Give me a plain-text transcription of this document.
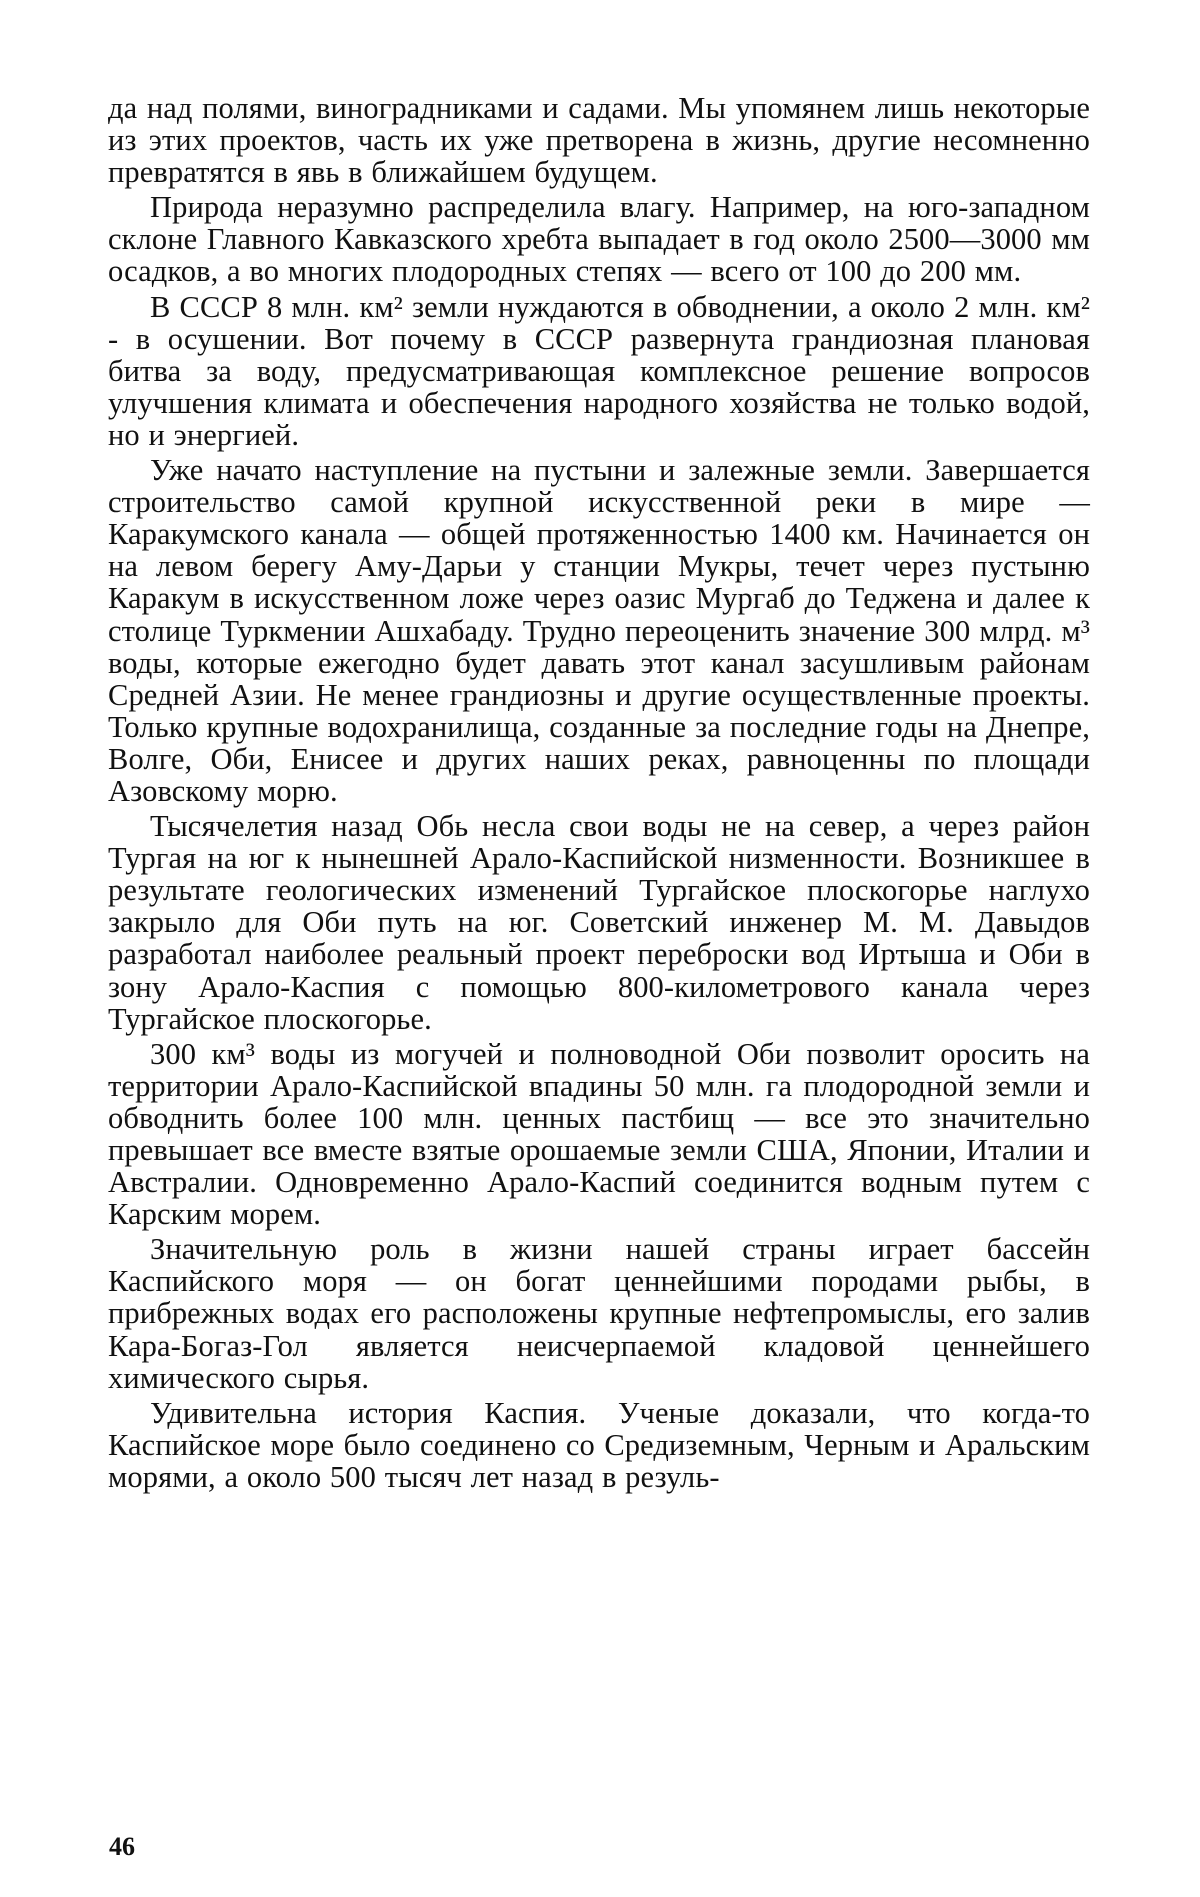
да над полями, виноградниками и садами. Мы упомянем лишь некоторые из этих проектов, часть их уже претворена в жизнь, другие несомненно превратятся в явь в ближайшем будущем.

Природа неразумно распределила влагу. Например, на юго-западном склоне Главного Кавказского хребта выпадает в год около 2500—3000 мм осадков, а во многих плодородных степях — всего от 100 до 200 мм.

В СССР 8 млн. км² земли нуждаются в обводнении, а около 2 млн. км² - в осушении. Вот почему в СССР развернута грандиозная плановая битва за воду, предусматривающая комплексное решение вопросов улучшения климата и обеспечения народного хозяйства не только водой, но и энергией.

Уже начато наступление на пустыни и залежные земли. Завершается строительство самой крупной искусственной реки в мире — Каракумского канала — общей протяженностью 1400 км. Начинается он на левом берегу Аму-Дарьи у станции Мукры, течет через пустыню Каракум в искусственном ложе через оазис Мургаб до Теджена и далее к столице Туркмении Ашхабаду. Трудно переоценить значение 300 млрд. м³ воды, которые ежегодно будет давать этот канал засушливым районам Средней Азии. Не менее грандиозны и другие осуществленные проекты. Только крупные водохранилища, созданные за последние годы на Днепре, Волге, Оби, Енисее и других наших реках, равноценны по площади Азовскому морю.

Тысячелетия назад Обь несла свои воды не на север, а через район Тургая на юг к нынешней Арало-Каспийской низменности. Возникшее в результате геологических изменений Тургайское плоскогорье наглухо закрыло для Оби путь на юг. Советский инженер М. М. Давыдов разработал наиболее реальный проект переброски вод Иртыша и Оби в зону Арало-Каспия с помощью 800-километрового канала через Тургайское плоскогорье.

300 км³ воды из могучей и полноводной Оби позволит оросить на территории Арало-Каспийской впадины 50 млн. га плодородной земли и обводнить более 100 млн. ценных пастбищ — все это значительно превышает все вместе взятые орошаемые земли США, Японии, Италии и Австралии. Одновременно Арало-Каспий соединится водным путем с Карским морем.

Значительную роль в жизни нашей страны играет бассейн Каспийского моря — он богат ценнейшими породами рыбы, в прибрежных водах его расположены крупные нефтепромыслы, его залив Кара-Богаз-Гол является неисчерпаемой кладовой ценнейшего химического сырья.

Удивительна история Каспия. Ученые доказали, что когда-то Каспийское море было соединено со Средиземным, Черным и Аральским морями, а около 500 тысяч лет назад в резуль-

46
